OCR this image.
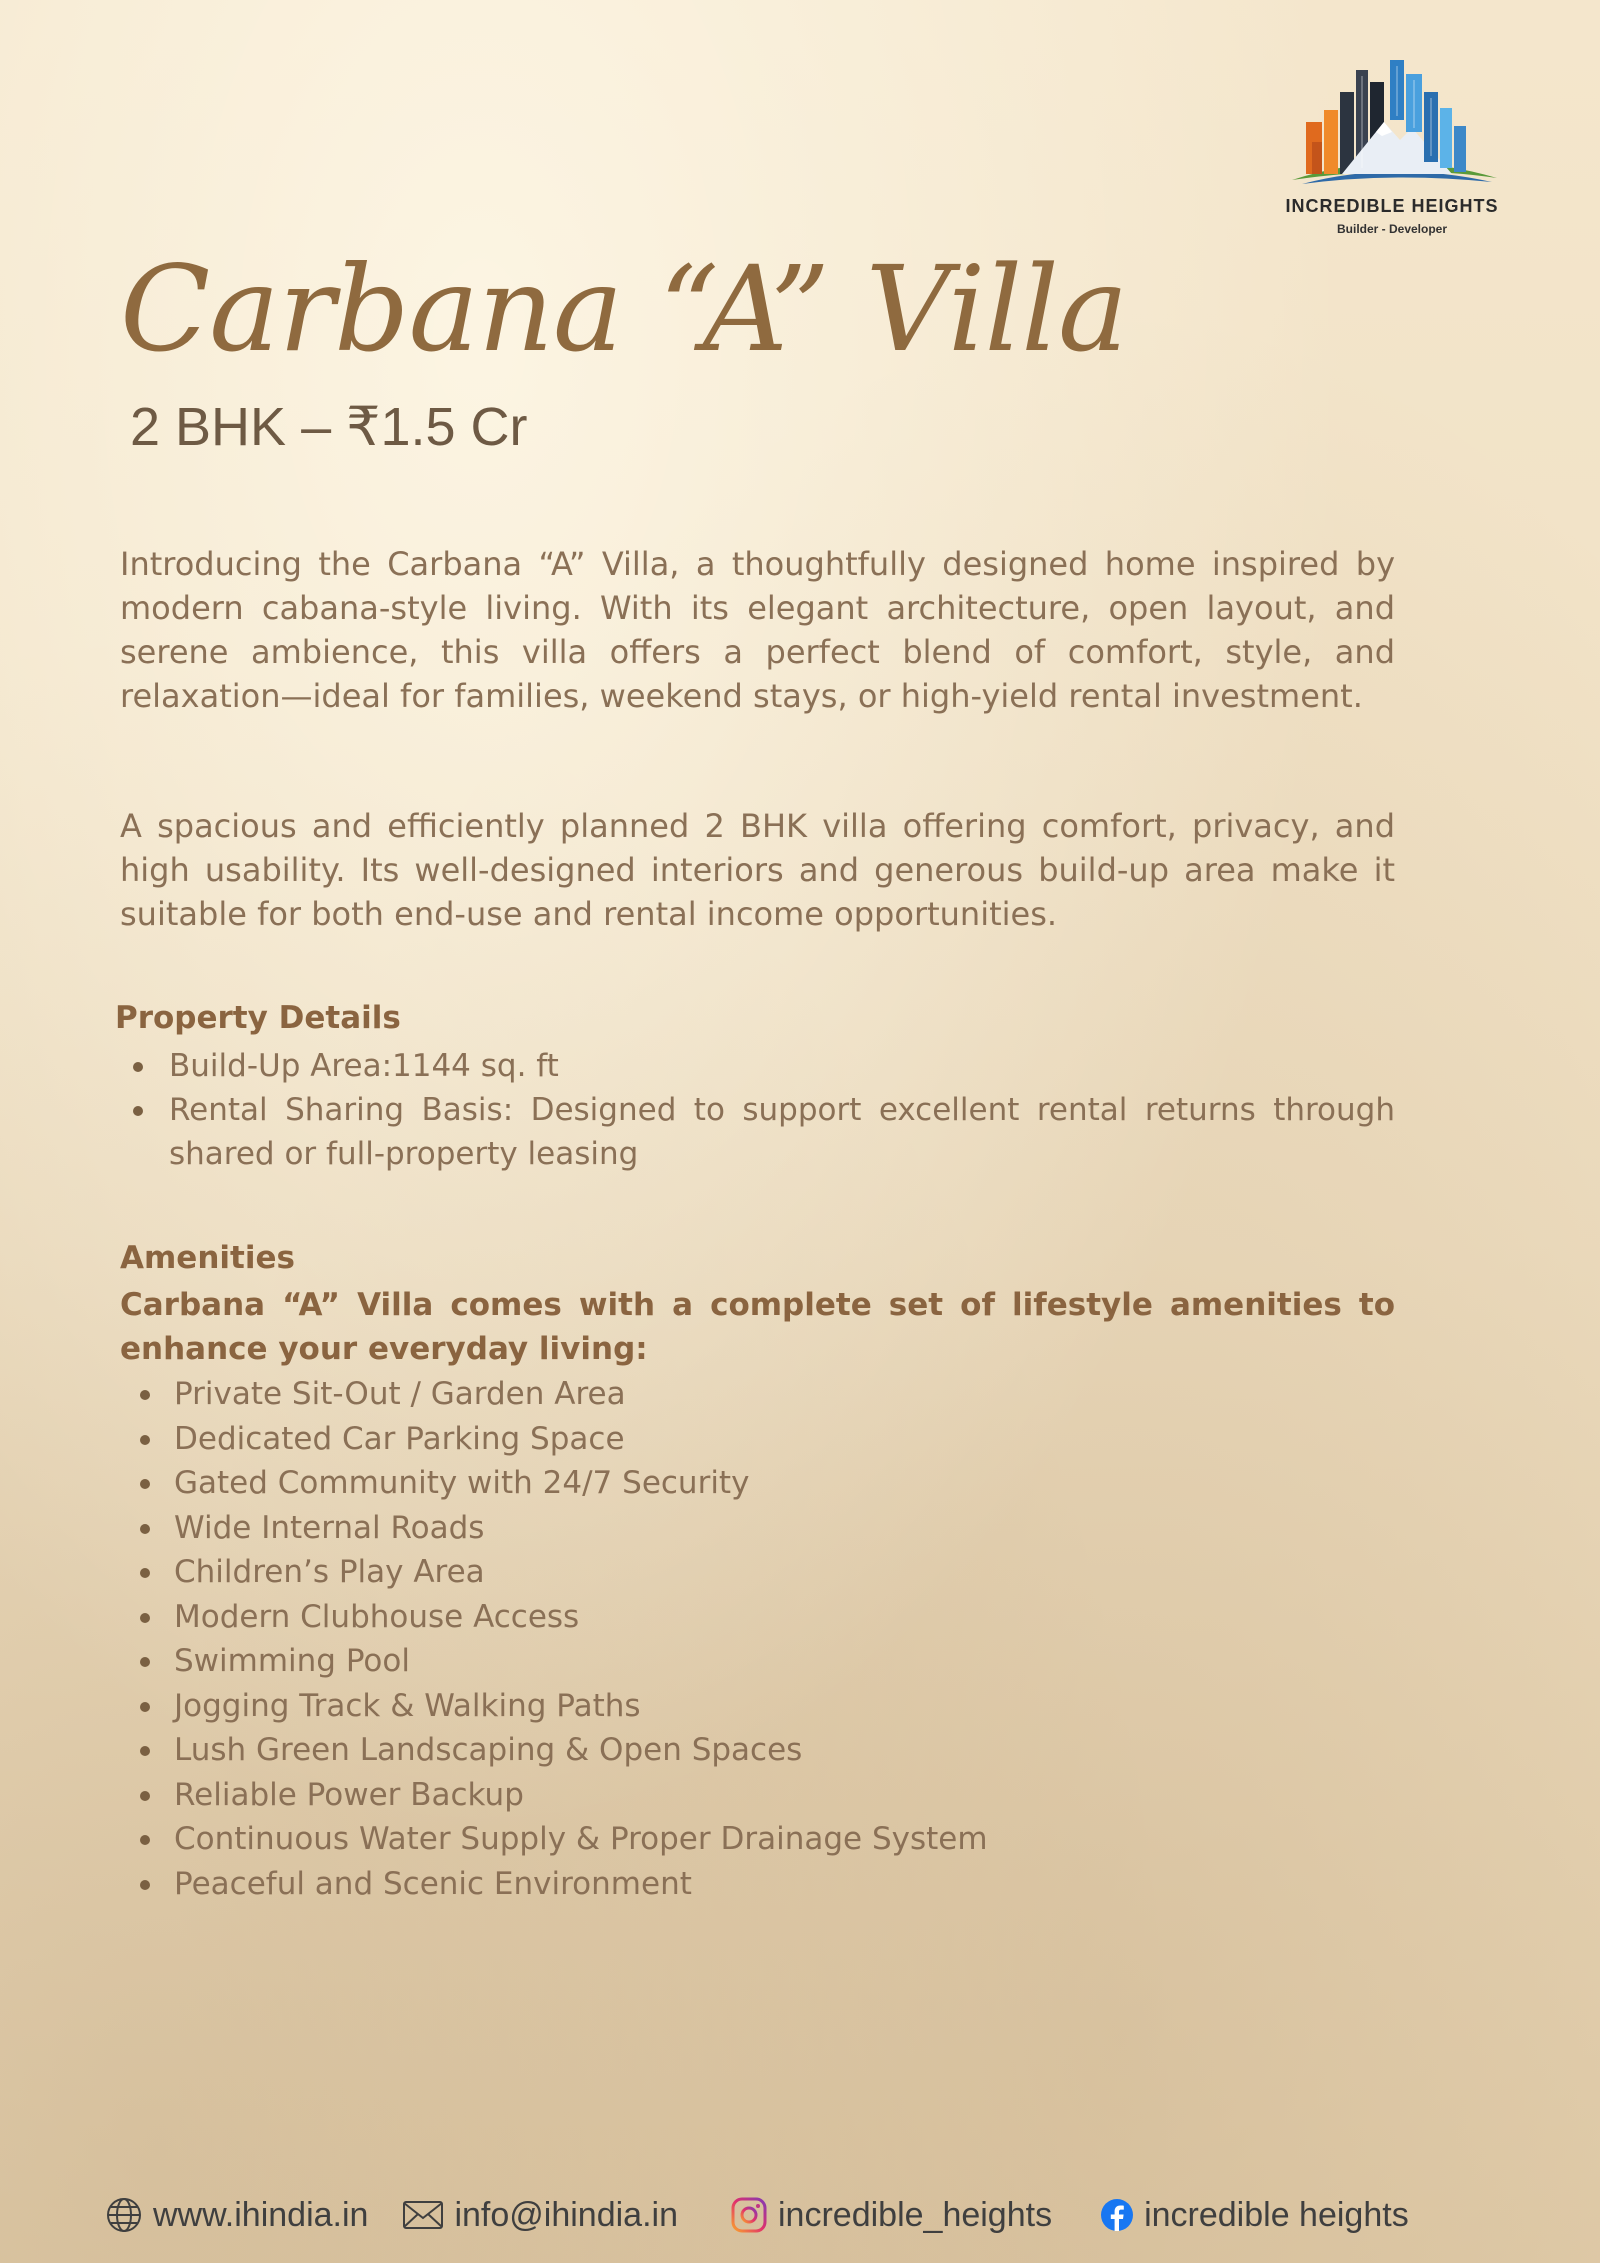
INCREDIBLE HEIGHTS
Builder - Developer
Carbana “A” Villa
2 BHK – ₹1.5 Cr

Introducing the Carbana “A” Villa, a thoughtfully designed home inspired by modern cabana-style living. With its elegant architecture, open layout, and serene ambience, this villa offers a perfect blend of comfort, style, and relaxation—ideal for families, weekend stays, or high-yield rental investment.

A spacious and efficiently planned 2 BHK villa offering comfort, privacy, and high usability. Its well-designed interiors and generous build-up area make it suitable for both end-use and rental income opportunities.

Property Details
Build-Up Area:1144 sq. ft
Rental Sharing Basis: Designed to support excellent rental returns through shared or full-property leasing
Amenities

Carbana “A” Villa comes with a complete set of lifestyle amenities to enhance your everyday living:

Private Sit-Out / Garden Area
Dedicated Car Parking Space
Gated Community with 24/7 Security
Wide Internal Roads
Children’s Play Area
Modern Clubhouse Access
Swimming Pool
Jogging Track & Walking Paths
Lush Green Landscaping & Open Spaces
Reliable Power Backup
Continuous Water Supply & Proper Drainage System
Peaceful and Scenic Environment
www.ihindia.in	info@ihindia.in	incredible_heights	incredible heights
